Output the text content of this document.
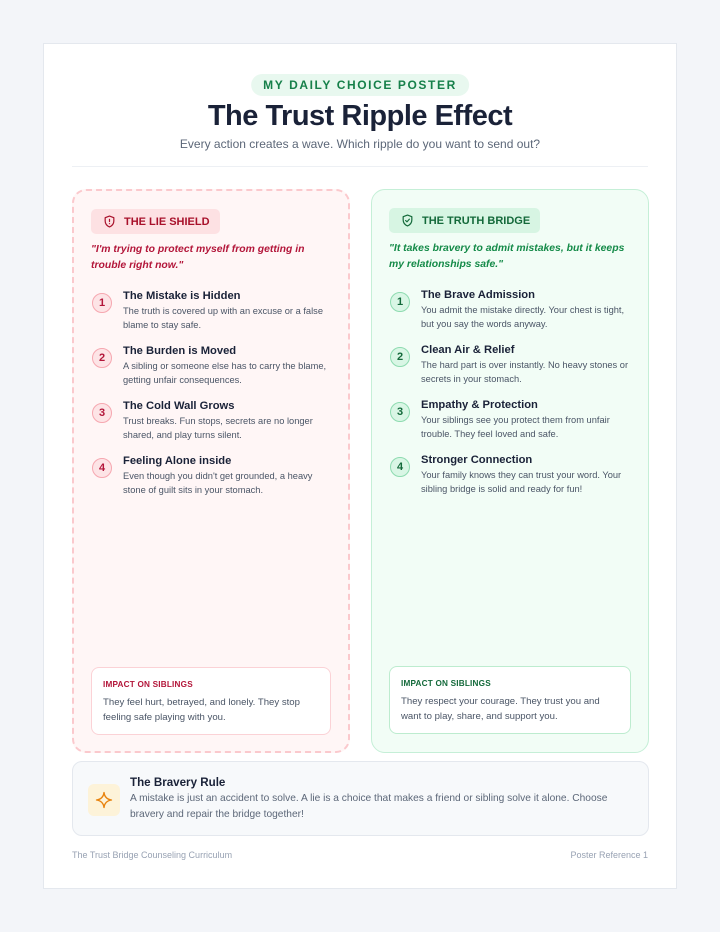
MY DAILY CHOICE POSTER
The Trust Ripple Effect
Every action creates a wave. Which ripple do you want to send out?
THE LIE SHIELD
"I'm trying to protect myself from getting in trouble right now."
1
The Mistake is Hidden
The truth is covered up with an excuse or a false blame to stay safe.
2
The Burden is Moved
A sibling or someone else has to carry the blame, getting unfair consequences.
3
The Cold Wall Grows
Trust breaks. Fun stops, secrets are no longer shared, and play turns silent.
4
Feeling Alone inside
Even though you didn't get grounded, a heavy stone of guilt sits in your stomach.
IMPACT ON SIBLINGS
They feel hurt, betrayed, and lonely. They stop feeling safe playing with you.
THE TRUTH BRIDGE
"It takes bravery to admit mistakes, but it keeps my relationships safe."
1
The Brave Admission
You admit the mistake directly. Your chest is tight, but you say the words anyway.
2
Clean Air & Relief
The hard part is over instantly. No heavy stones or secrets in your stomach.
3
Empathy & Protection
Your siblings see you protect them from unfair trouble. They feel loved and safe.
4
Stronger Connection
Your family knows they can trust your word. Your sibling bridge is solid and ready for fun!
IMPACT ON SIBLINGS
They respect your courage. They trust you and want to play, share, and support you.
The Bravery Rule
A mistake is just an accident to solve. A lie is a choice that makes a friend or sibling solve it alone. Choose bravery and repair the bridge together!
The Trust Bridge Counseling Curriculum	Poster Reference 1
